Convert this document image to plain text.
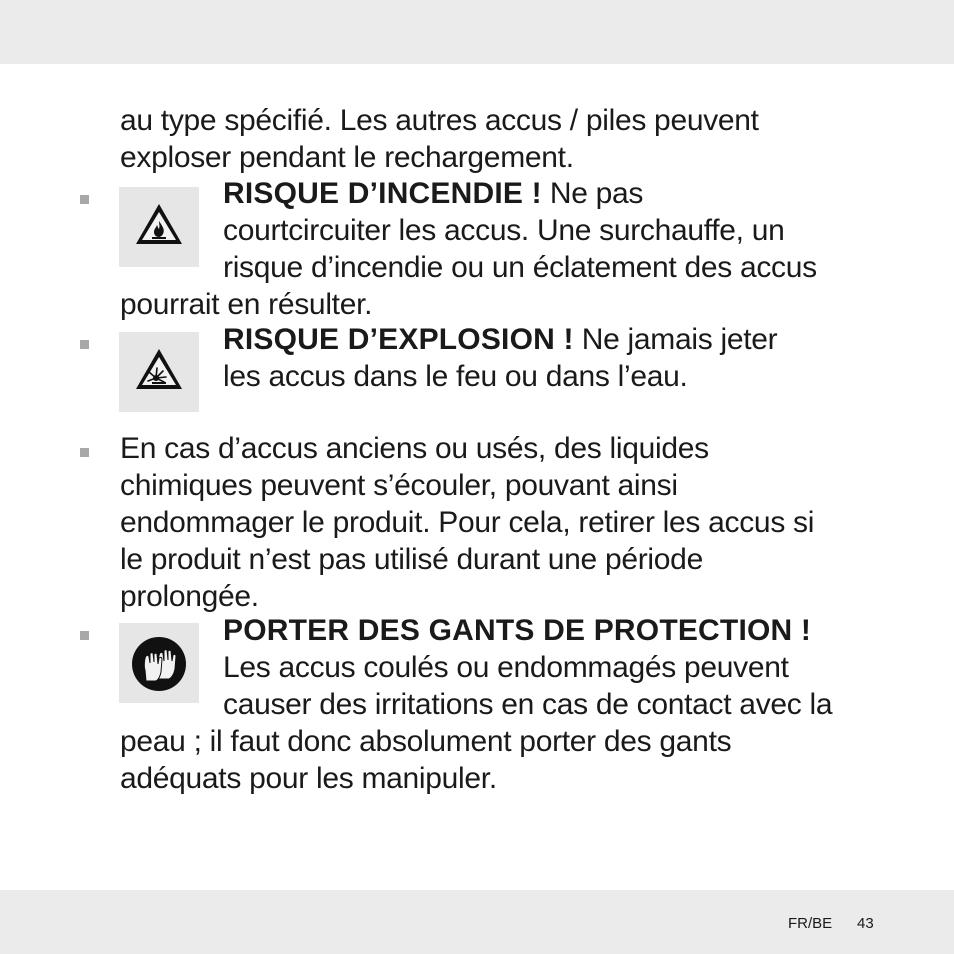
au type spécifié. Les autres accus / piles peuvent
exploser pendant le rechargement.
RISQUE D’INCENDIE ! Ne pas
courtcircuiter les accus. Une surchauffe, un
risque d’incendie ou un éclatement des accus
pourrait en résulter.
RISQUE D’EXPLOSION ! Ne jamais jeter
les accus dans le feu ou dans l’eau.
En cas d’accus anciens ou usés, des liquides
chimiques peuvent s’écouler, pouvant ainsi
endommager le produit. Pour cela, retirer les accus si
le produit n’est pas utilisé durant une période
prolongée.
PORTER DES GANTS DE PROTECTION !
Les accus coulés ou endommagés peuvent
causer des irritations en cas de contact avec la
peau ; il faut donc absolument porter des gants
adéquats pour les manipuler.
FR/BE 43
